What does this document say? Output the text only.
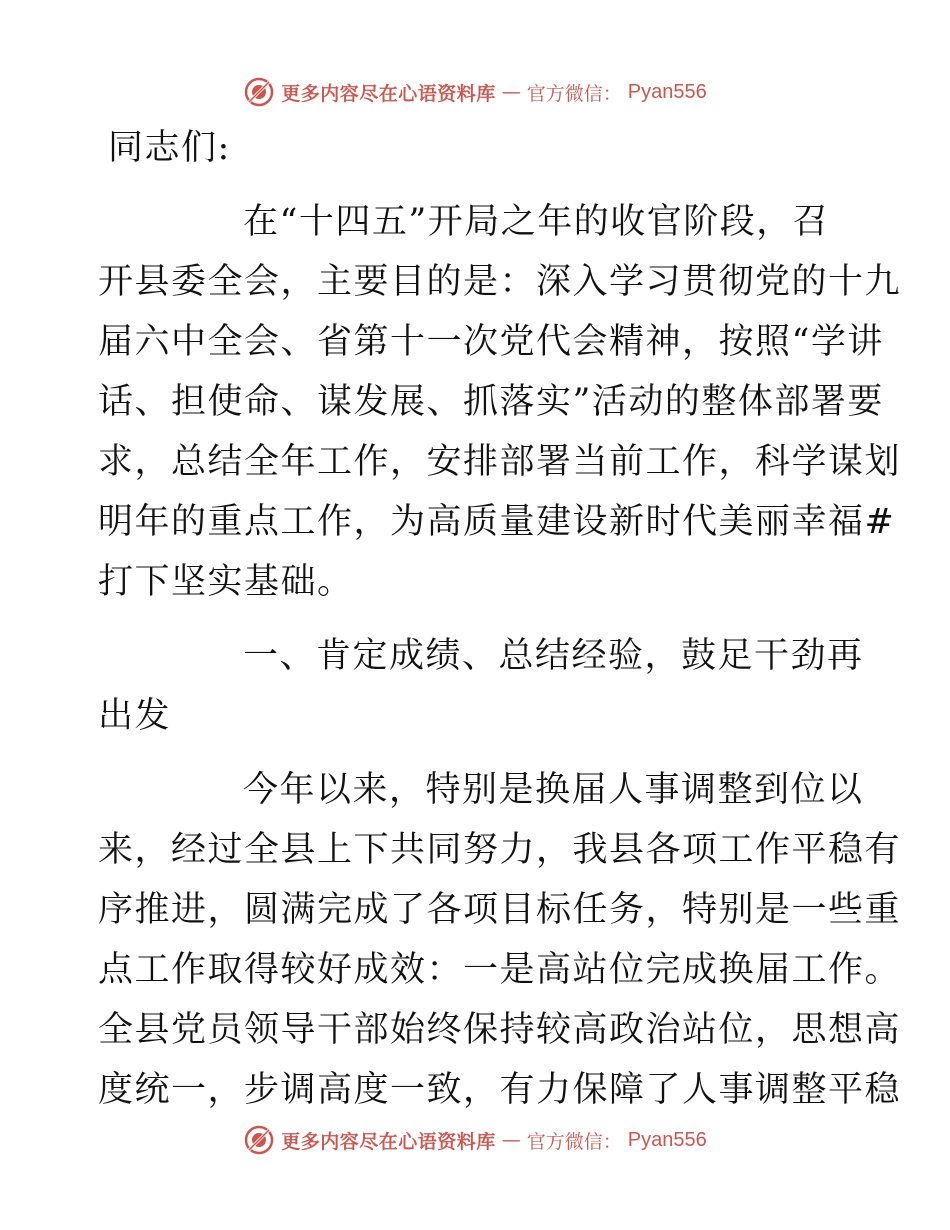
更多内容尽在心语资料库 — 官方微信： Pyan556
同志们:
在“十四五”开局之年的收官阶段，召
开县委全会，主要目的是：深入学习贯彻党的十九
届六中全会、省第十一次党代会精神，按照“学讲
话、担使命、谋发展、抓落实”活动的整体部署要
求，总结全年工作，安排部署当前工作，科学谋划
明年的重点工作，为高质量建设新时代美丽幸福#
打下坚实基础。
一、肯定成绩、总结经验，鼓足干劲再
出发
今年以来，特别是换届人事调整到位以
来，经过全县上下共同努力，我县各项工作平稳有
序推进，圆满完成了各项目标任务，特别是一些重
点工作取得较好成效：一是高站位完成换届工作。
全县党员领导干部始终保持较高政治站位，思想高
度统一，步调高度一致，有力保障了人事调整平稳
更多内容尽在心语资料库 — 官方微信： Pyan556
